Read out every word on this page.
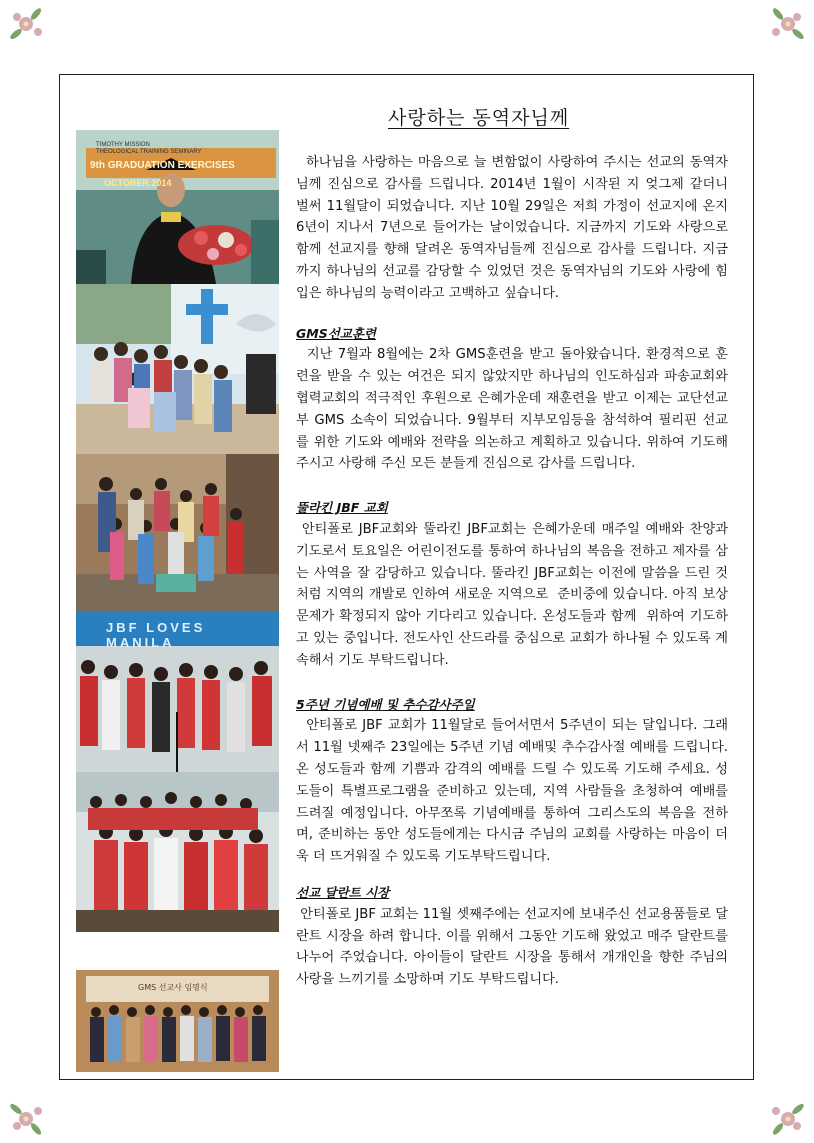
사랑하는 동역자님께
TIMOTHY MISSION
THEOLOGICAL TRAINING SEMINARY
9th GRADUATION EXERCISES
OCTOBER 2014
JBF LOVES MANILA
GMS 선교사 임명식

하나님을 사랑하는 마음으로 늘 변함없이 사랑하여 주시는 선교의 동역자님께 진심으로 감사를 드립니다. 2014년 1월이 시작된 지 엊그제 같더니 벌써 11월달이 되었습니다. 지난 10월 29일은 저희 가정이 선교지에 온지 6년이 지나서 7년으로 들어가는 날이었습니다. 지금까지 기도와 사랑으로 함께 선교지를 향해 달려온 동역자님들께 진심으로 감사를 드립니다. 지금까지 하나님의 선교를 감당할 수 있었던 것은 동역자님의 기도와 사랑에 힘입은 하나님의 능력이라고 고백하고 싶습니다.

GMS선교훈련

지난 7월과 8월에는 2차 GMS훈련을 받고 돌아왔습니다. 환경적으로 훈련을 받을 수 있는 여건은 되지 않았지만 하나님의 인도하심과 파송교회와 협력교회의 적극적인 후원으로 은혜가운데 재훈련을 받고 이제는 교단선교부 GMS 소속이 되었습니다. 9월부터 지부모임등을 참석하여 필리핀 선교를 위한 기도와 예배와 전략을 의논하고 계획하고 있습니다. 위하여 기도해 주시고 사랑해 주신 모든 분들게 진심으로 감사를 드립니다.

뚤라킨 JBF 교회

안티폴로 JBF교회와 뚤라킨 JBF교회는 은혜가운데 매주일 예배와 찬양과 기도로서 토요일은 어린이전도를 통하여 하나님의 복음을 전하고 제자를 삼는 사역을 잘 감당하고 있습니다. 뚤라킨 JBF교회는 이전에 말씀을 드린 것처럼 지역의 개발로 인하여 새로운 지역으로  준비중에 있습니다. 아직 보상문제가 확정되지 않아 기다리고 있습니다. 온성도들과 함께  위하여 기도하고 있는 중입니다. 전도사인 산드라를 중심으로 교회가 하나될 수 있도록 계속해서 기도 부탁드립니다.

5주년 기념예배 및 추수감사주일

안티폴로 JBF 교회가 11월달로 들어서면서 5주년이 되는 달입니다. 그래서 11월 넷째주 23일에는 5주년 기념 예배및 추수감사절 예배를 드립니다. 온 성도들과 함께 기쁨과 감격의 예배를 드릴 수 있도록 기도해 주세요. 성도들이 특별프로그램을 준비하고 있는데, 지역 사람들을 초청하여 예배를 드려질 예정입니다. 아무쪼록 기념예배를 통하여 그리스도의 복음을 전하며, 준비하는 동안 성도들에게는 다시금 주님의 교회를 사랑하는 마음이 더욱 더 뜨거워질 수 있도록 기도부탁드립니다.

선교 달란트 시장

안티폴로 JBF 교회는 11월 셋째주에는 선교지에 보내주신 선교용품들로 달란트 시장을 하려 합니다. 이를 위해서 그동안 기도해 왔었고 매주 달란트를 나누어 주었습니다. 아이들이 달란트 시장을 통해서 개개인을 향한 주님의 사랑을 느끼기를 소망하며 기도 부탁드립니다.
